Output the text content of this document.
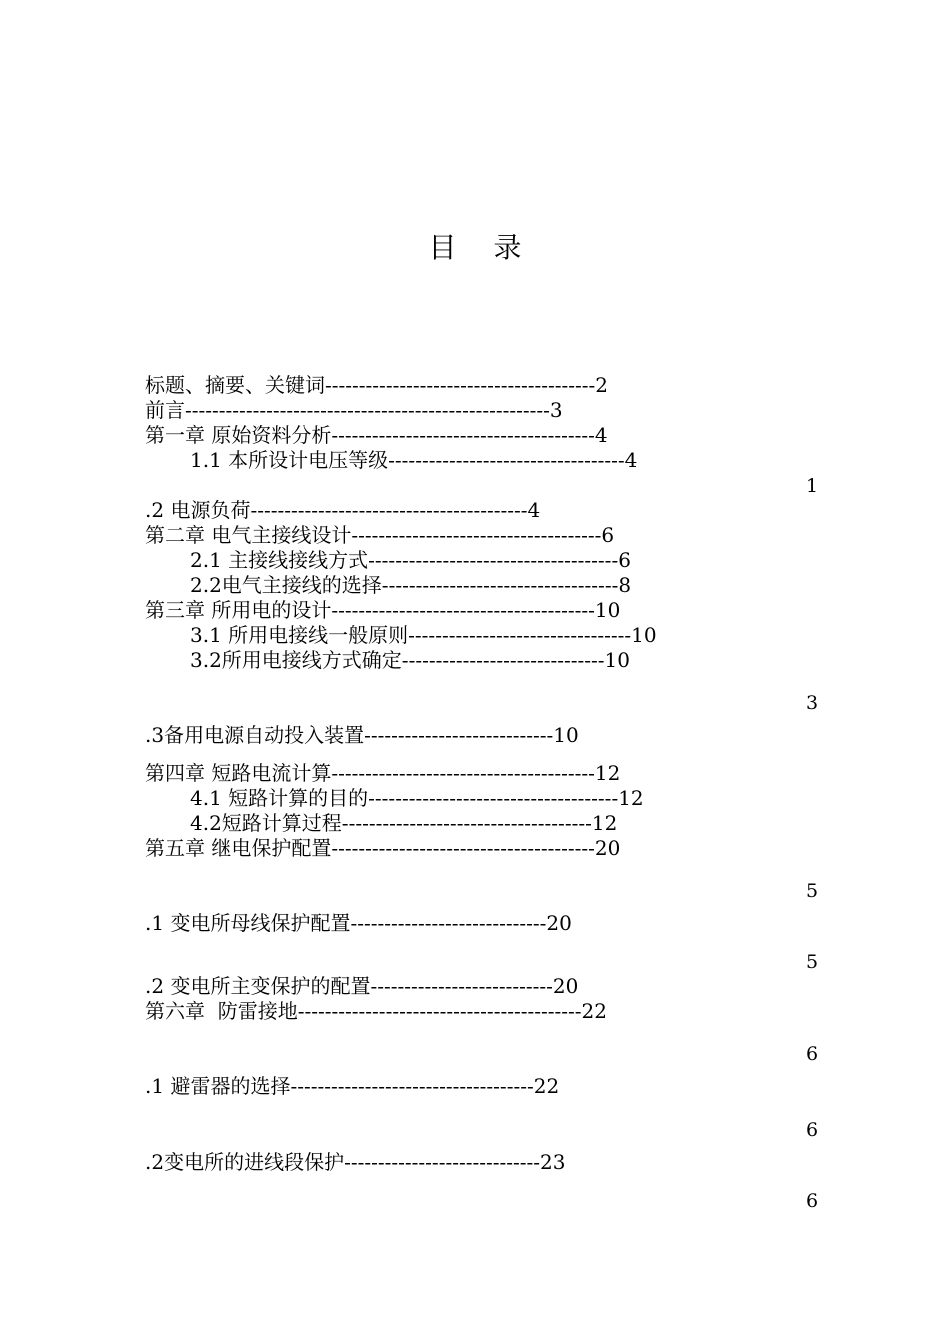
目 录
标题、摘要、关键词----------------------------------------2
前言------------------------------------------------------3
第一章 原始资料分析---------------------------------------4
1.1 本所设计电压等级-----------------------------------4
1
.2 电源负荷-----------------------------------------4
第二章 电气主接线设计-------------------------------------6
2.1 主接线接线方式-------------------------------------6
2.2电气主接线的选择-----------------------------------8
第三章 所用电的设计---------------------------------------10
3.1 所用电接线一般原则---------------------------------10
3.2所用电接线方式确定------------------------------10
3
.3备用电源自动投入装置----------------------------10
第四章 短路电流计算---------------------------------------12
4.1 短路计算的目的-------------------------------------12
4.2短路计算过程-------------------------------------12
第五章 继电保护配置---------------------------------------20
5
.1 变电所母线保护配置-----------------------------20
5
.2 变电所主变保护的配置---------------------------20
第六章  防雷接地------------------------------------------22
6
.1 避雷器的选择------------------------------------22
6
.2变电所的进线段保护-----------------------------23
6
